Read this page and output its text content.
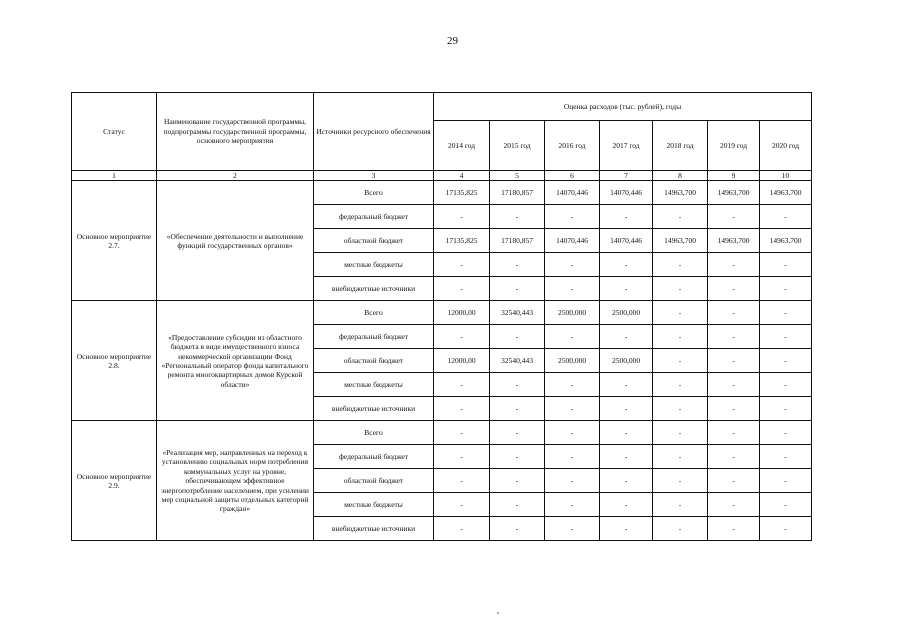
29
Статус	Наименование государственной программы, подпрограммы государственной программы, основного мероприятия	Источники ресурсного обеспечения	Оценка расходов (тыс. рублей), годы						
			2014 год	2015 год	2016 год	2017 год	2018 год	2019 год	2020 год
1	2	3	4	5	6	7	8	9	10
Основное мероприятие 2.7.	«Обеспечение деятельности и выполнение функций государственных органов»	Всего	17135,825	17180,857	14070,446	14070,446	14963,700	14963,700	14963,700
		федеральный бюджет	-	-	-	-	-	-	-
		областной бюджет	17135,825	17180,857	14070,446	14070,446	14963,700	14963,700	14963,700
		местные бюджеты	-	-	-	-	-	-	-
		внебюджетные источники	-	-	-	-	-	-	-
Основное мероприятие 2.8.	«Предоставление субсидии из областного бюджета в виде имущественного взноса некоммерческой организации Фонд «Региональный оператор фонда капитального ремонта многоквартирных домов Курской области»	Всего	12000,00	32540,443	2500,000	2500,000	-	-	-
		федеральный бюджет	-	-	-	-	-	-	-
		областной бюджет	12000,00	32540,443	2500,000	2500,000	-	-	-
		местные бюджеты	-	-	-	-	-	-	-
		внебюджетные источники	-	-	-	-	-	-	-
Основное мероприятие 2.9.	«Реализация мер, направленных на переход к установлению социальных норм потребления коммунальных услуг на уровне, обеспечивающем эффективное энергопотребление населением, при усилении мер социальной защиты отдельных категорий граждан»	Всего	-	-	-	-	-	-	-
		федеральный бюджет	-	-	-	-	-	-	-
		областной бюджет	-	-	-	-	-	-	-
		местные бюджеты	-	-	-	-	-	-	-
		внебюджетные источники	-	-	-	-	-	-	-
